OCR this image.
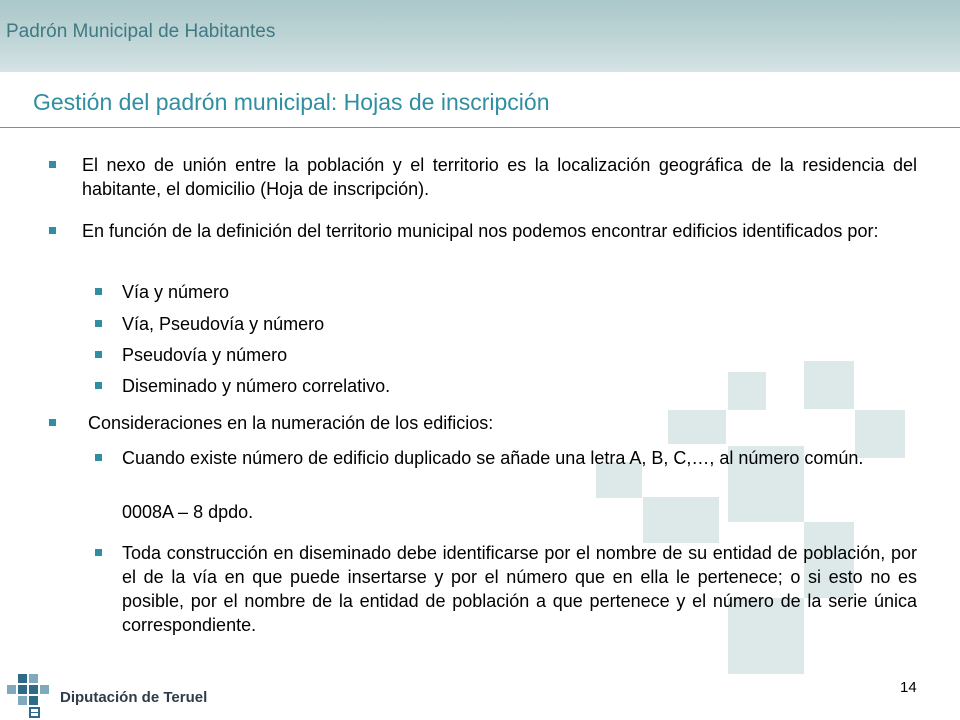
Padrón Municipal de Habitantes
Gestión del padrón municipal: Hojas de inscripción
El nexo de unión entre la población y el territorio es la localización geográfica de la residencia del habitante, el domicilio (Hoja de inscripción).
En función de la definición del territorio municipal nos podemos encontrar edificios identificados por:
Vía y número
Vía, Pseudovía y número
Pseudovía y número
Diseminado y número correlativo.
Consideraciones en la numeración de los edificios:
Cuando existe número de edificio duplicado se añade una letra A, B, C,…, al número común.
0008A – 8 dpdo.
Toda construcción en diseminado debe identificarse por el nombre de su entidad de población, por el de la vía en que puede insertarse y por el número que en ella le pertenece; o si esto no es posible, por el nombre de la entidad de población a que pertenece y el número de la serie única correspondiente.
Diputación de Teruel
14
